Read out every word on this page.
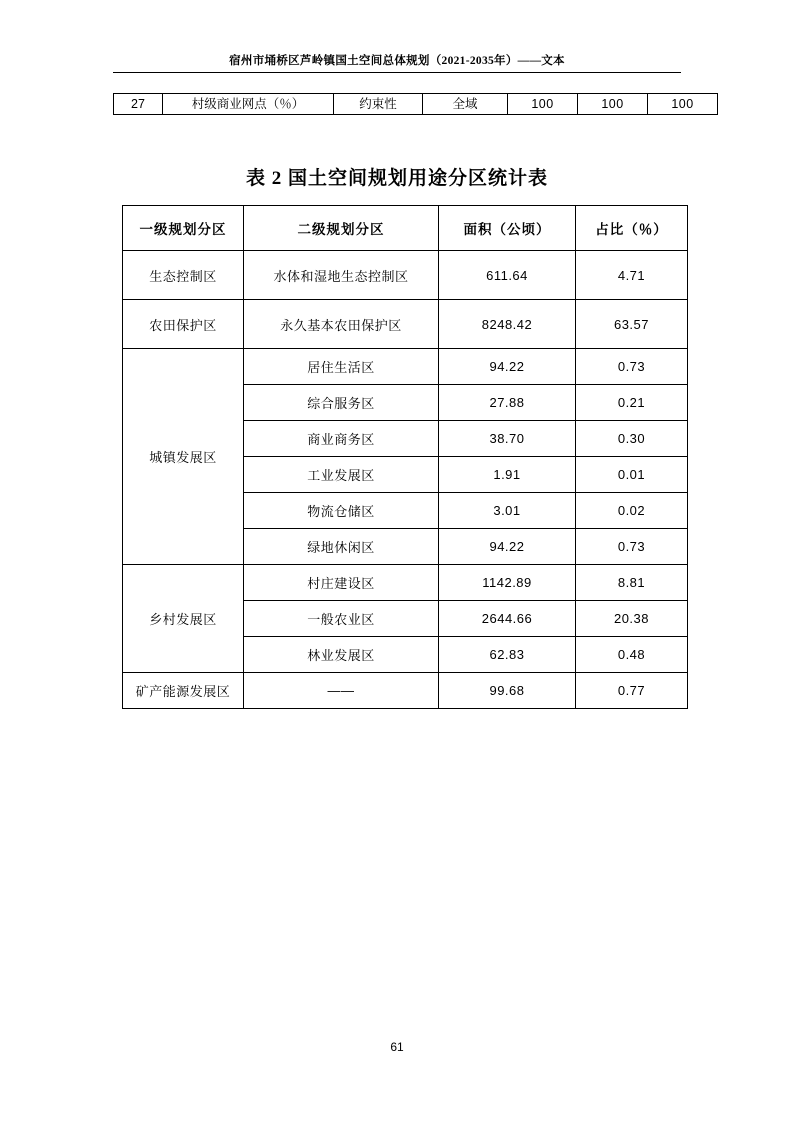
宿州市埇桥区芦岭镇国土空间总体规划（2021-2035年）——文本
27	村级商业网点（％）	约束性	全域	100	100	100
表 2 国土空间规划用途分区统计表
一级规划分区	二级规划分区	面积（公顷）	占比（％）
生态控制区	水体和湿地生态控制区	611.64	4.71
农田保护区	永久基本农田保护区	8248.42	63.57
城镇发展区	居住生活区	94.22	0.73
	综合服务区	27.88	0.21
	商业商务区	38.70	0.30
	工业发展区	1.91	0.01
	物流仓储区	3.01	0.02
	绿地休闲区	94.22	0.73
乡村发展区	村庄建设区	1142.89	8.81
	一般农业区	2644.66	20.38
	林业发展区	62.83	0.48
矿产能源发展区	——	99.68	0.77
61
